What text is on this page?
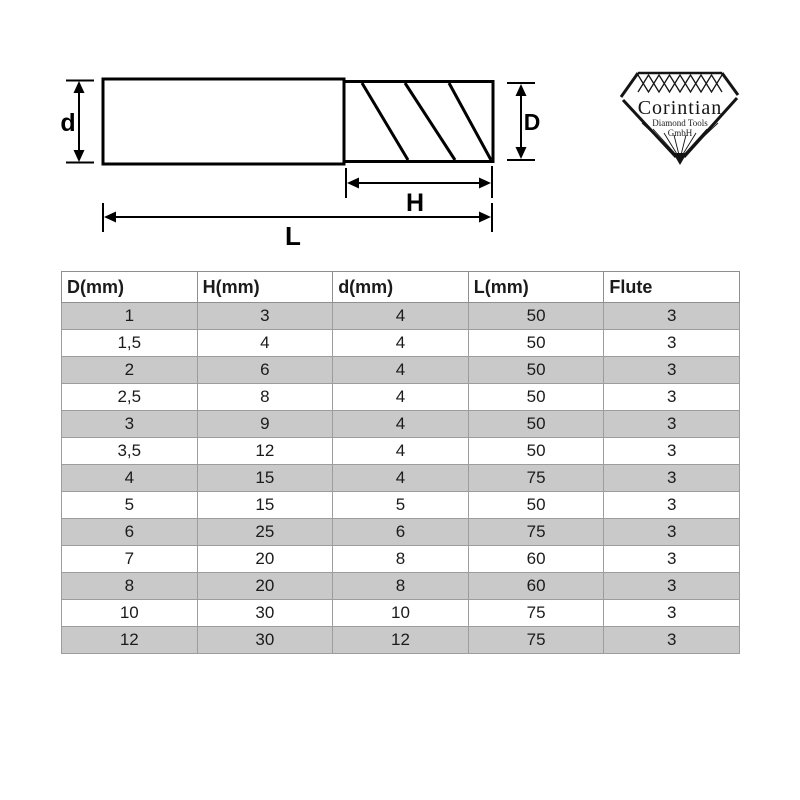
d	D
H
L
Corintian
Diamond Tools
GmbH
D(mm)	H(mm)	d(mm)	L(mm)	Flute
1	3	4	50	3
1,5	4	4	50	3
2	6	4	50	3
2,5	8	4	50	3
3	9	4	50	3
3,5	12	4	50	3
4	15	4	75	3
5	15	5	50	3
6	25	6	75	3
7	20	8	60	3
8	20	8	60	3
10	30	10	75	3
12	30	12	75	3
